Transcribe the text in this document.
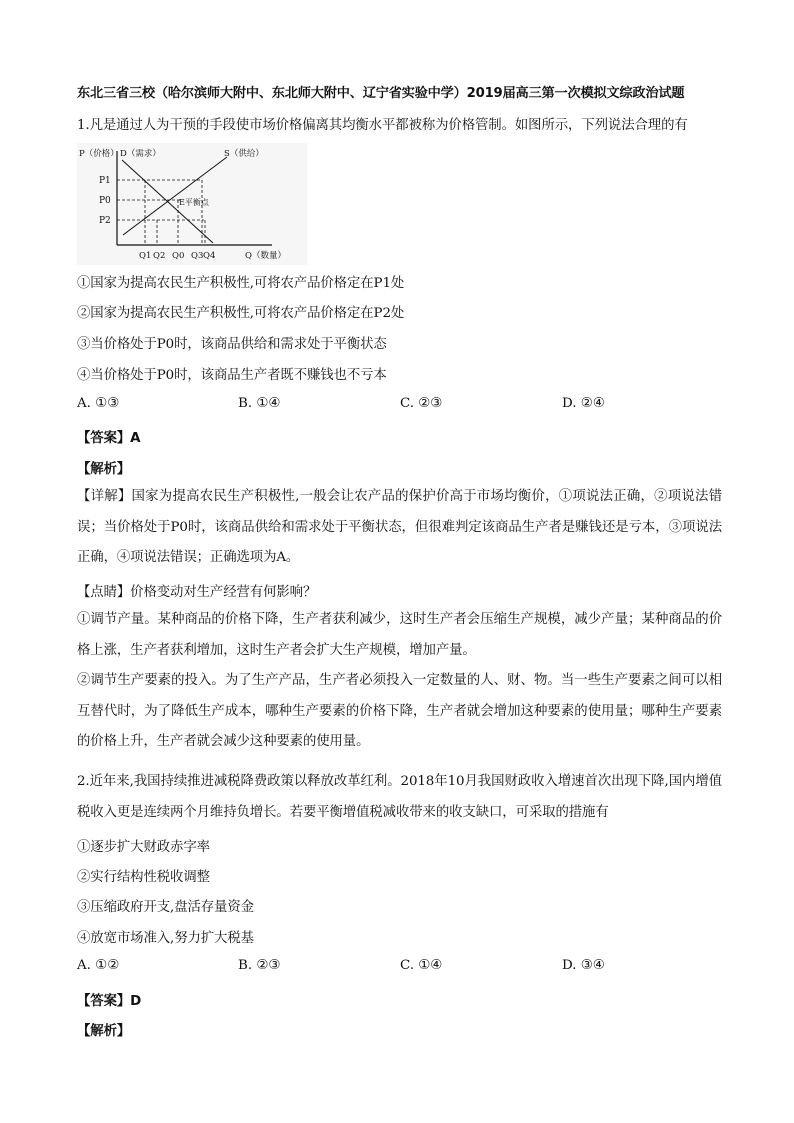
东北三省三校（哈尔滨师大附中、东北师大附中、辽宁省实验中学）2019届高三第一次模拟文综政治试题
1.凡是通过人为干预的手段使市场价格偏离其均衡水平都被称为价格管制。如图所示，下列说法合理的有
P（价格） D（需求）	S（供给）
P1
P0
P2
E平衡点
Q1 Q2 Q0 Q3 Q4	Q（数量）
①国家为提高农民生产积极性,可将农产品价格定在P1处
②国家为提高农民生产积极性,可将农产品价格定在P2处
③当价格处于P0时，该商品供给和需求处于平衡状态
④当价格处于P0时，该商品生产者既不赚钱也不亏本
A. ①③	B. ①④	C. ②③	D. ②④
【答案】A
【解析】
【详解】国家为提高农民生产积极性,一般会让农产品的保护价高于市场均衡价，①项说法正确，②项说法错误；当价格处于P0时，该商品供给和需求处于平衡状态，但很难判定该商品生产者是赚钱还是亏本，③项说法正确，④项说法错误；正确选项为A。
【点睛】价格变动对生产经营有何影响？
①调节产量。某种商品的价格下降，生产者获利减少，这时生产者会压缩生产规模，减少产量；某种商品的价格上涨，生产者获利增加，这时生产者会扩大生产规模，增加产量。
②调节生产要素的投入。为了生产产品，生产者必须投入一定数量的人、财、物。当一些生产要素之间可以相互替代时，为了降低生产成本，哪种生产要素的价格下降，生产者就会增加这种要素的使用量；哪种生产要素的价格上升，生产者就会减少这种要素的使用量。
2.近年来,我国持续推进减税降费政策以释放改革红利。2018年10月我国财政收入增速首次出现下降,国内增值税收入更是连续两个月维持负增长。若要平衡增值税减收带来的收支缺口，可采取的措施有
①逐步扩大财政赤字率
②实行结构性税收调整
③压缩政府开支,盘活存量资金
④放宽市场准入,努力扩大税基
A. ①②	B. ②③	C. ①④	D. ③④
【答案】D
【解析】
